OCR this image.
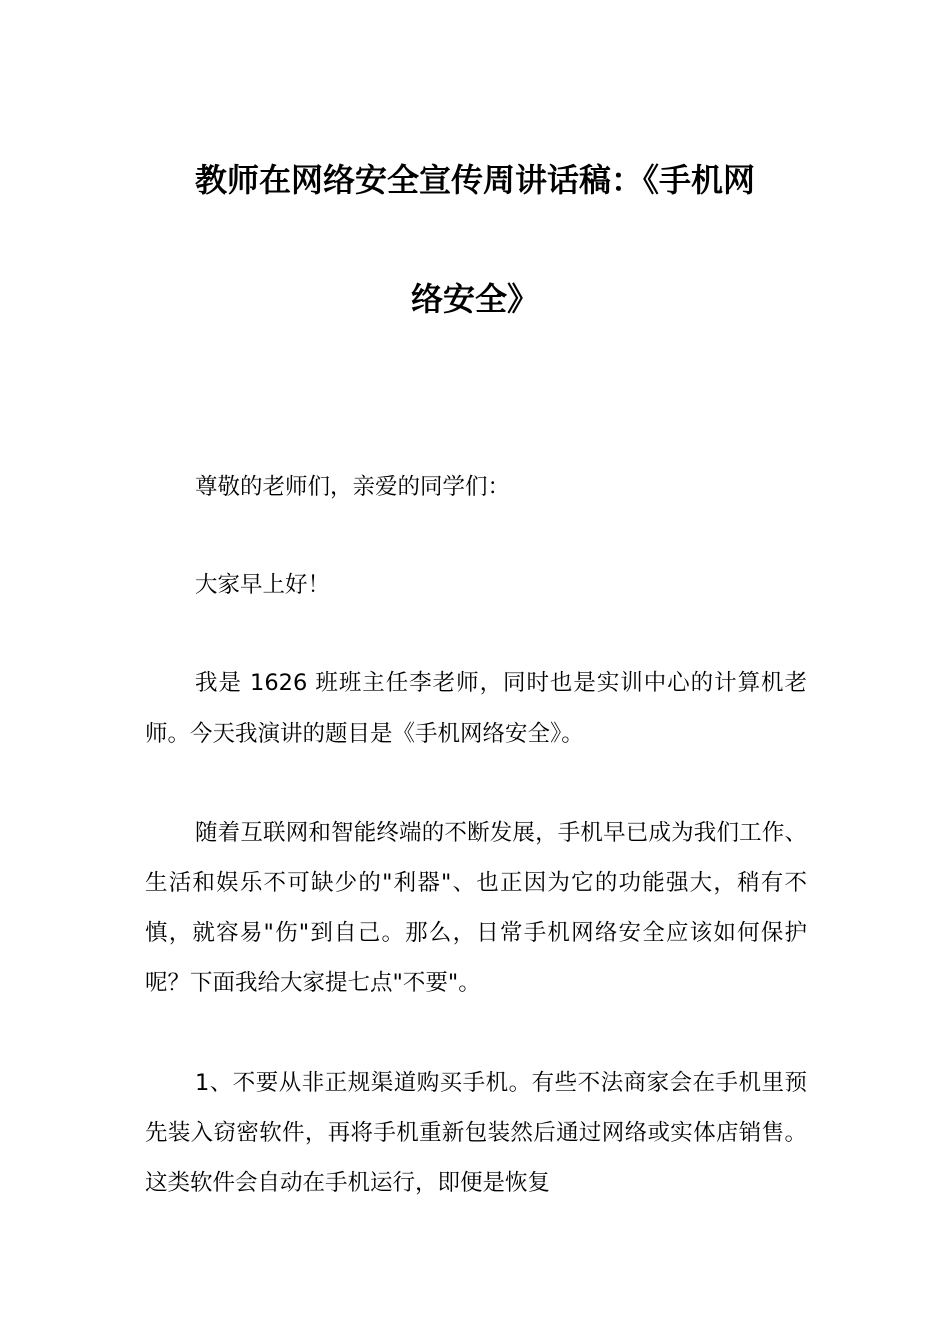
教师在网络安全宣传周讲话稿：《手机网
络安全》

尊敬的老师们，亲爱的同学们：

大家早上好！

我是 1626 班班主任李老师，同时也是实训中心的计算机老师。今天我演讲的题目是《手机网络安全》。

随着互联网和智能终端的不断发展，手机早已成为我们工作、生活和娱乐不可缺少的"利器"、也正因为它的功能强大，稍有不慎，就容易"伤"到自己。那么，日常手机网络安全应该如何保护呢？下面我给大家提七点"不要"。

1、不要从非正规渠道购买手机。有些不法商家会在手机里预先装入窃密软件，再将手机重新包装然后通过网络或实体店销售。这类软件会自动在手机运行，即便是恢复
